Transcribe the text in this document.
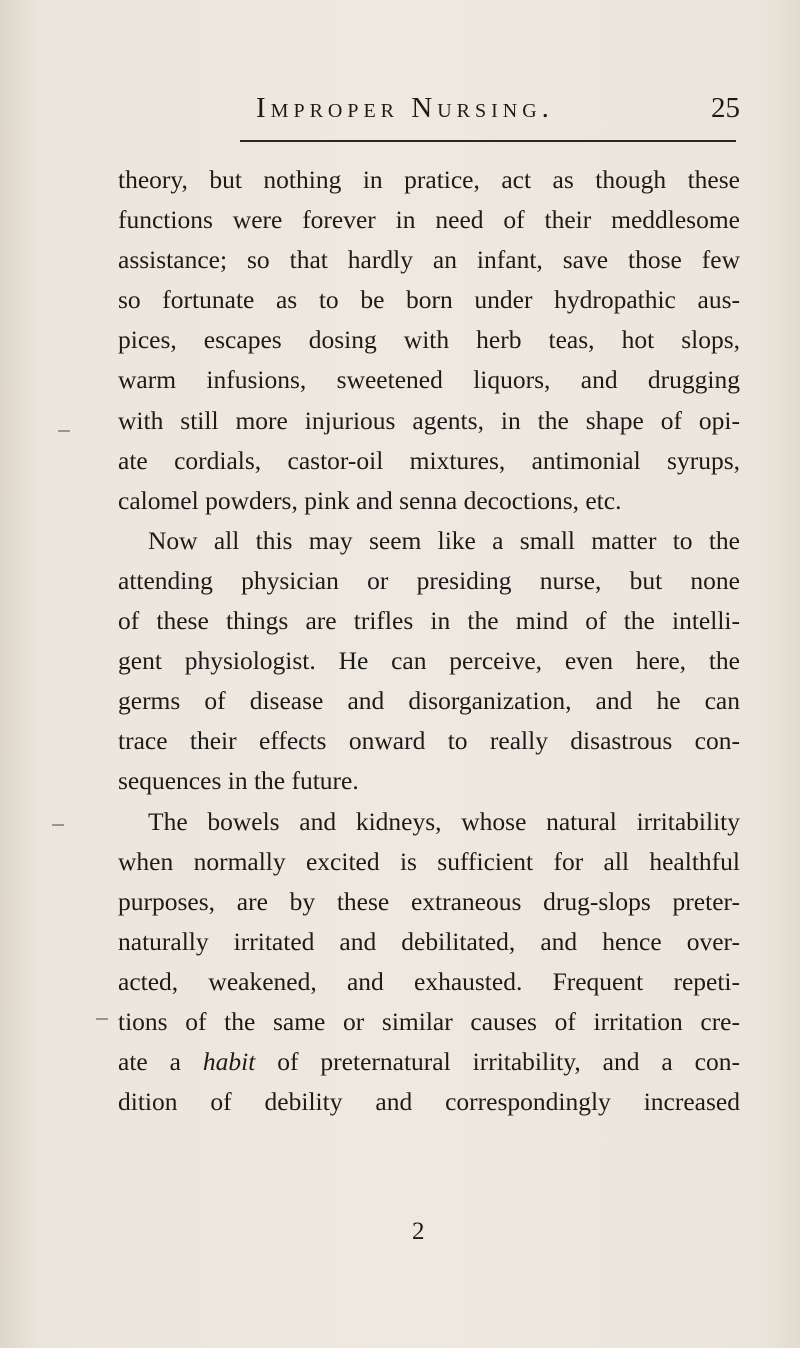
Improper Nursing.	25
theory, but nothing in pratice, act as though these
functions were forever in need of their meddlesome
assistance; so that hardly an infant, save those few
so fortunate as to be born under hydropathic aus-
pices, escapes dosing with herb teas, hot slops,
warm infusions, sweetened liquors, and drugging
with still more injurious agents, in the shape of opi-
ate cordials, castor-oil mixtures, antimonial syrups,
calomel powders, pink and senna decoctions, etc.
Now all this may seem like a small matter to the
attending physician or presiding nurse, but none
of these things are trifles in the mind of the intelli-
gent physiologist. He can perceive, even here, the
germs of disease and disorganization, and he can
trace their effects onward to really disastrous con-
sequences in the future.
The bowels and kidneys, whose natural irritability
when normally excited is sufficient for all healthful
purposes, are by these extraneous drug-slops preter-
naturally irritated and debilitated, and hence over-
acted, weakened, and exhausted. Frequent repeti-
tions of the same or similar causes of irritation cre-
ate a habit of preternatural irritability, and a con-
dition of debility and correspondingly increased
2
